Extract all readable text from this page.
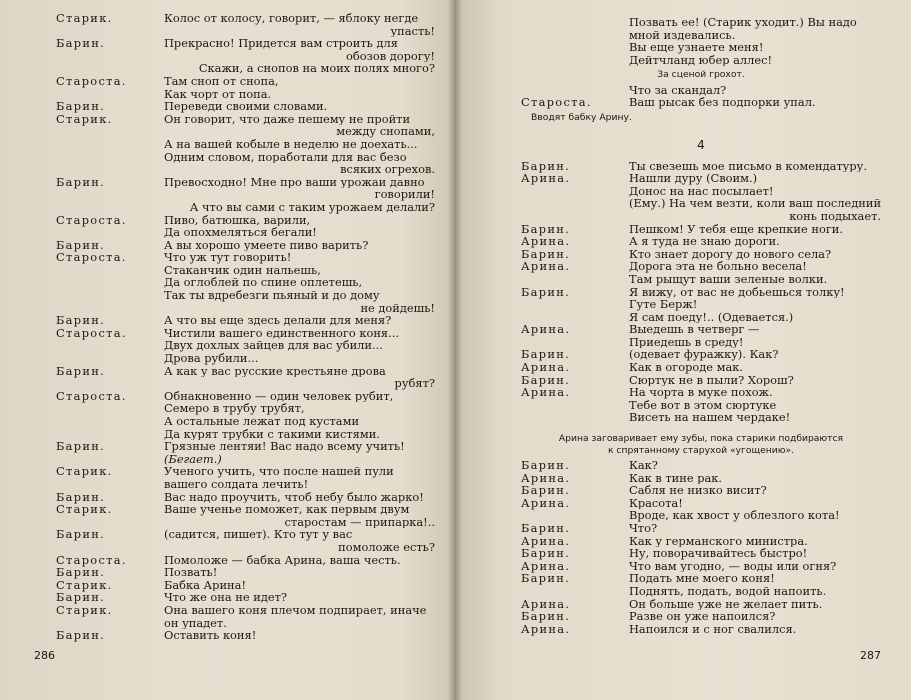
Старик.	Колос от колосу, говорит, — яблоку негде
упасть!
Барин.	Прекрасно! Придется вам строить для
обозов дорогу!
Скажи, а снопов на моих полях много?
Староста.	Там сноп от снопа,
Как чорт от попа.
Барин.	Переведи своими словами.
Старик.	Он говорит, что даже пешему не пройти
между снопами,
А на вашей кобыле в неделю не доехать...
Одним словом, поработали для вас безо
всяких огрехов.
Барин.	Превосходно! Мне про ваши урожаи давно
говорили!
А что вы сами с таким урожаем делали?
Староста.	Пиво, батюшка, варили,
Да опохмеляться бегали!
Барин.	А вы хорошо умеете пиво варить?
Староста.	Что уж тут говорить!
Стаканчик один нальешь,
Да оглоблей по спине оплетешь,
Так ты вдребезги пьяный и до дому
не дойдешь!
Барин.	А что вы еще здесь делали для меня?
Староста.	Чистили вашего единственного коня...
Двух дохлых зайцев для вас убили...
Дрова рубили...
Барин.	А как у вас русские крестьяне дрова
рубят?
Староста.	Обнакновенно — один человек рубит,
Семеро в трубу трубят,
А остальные лежат под кустами
Да курят трубки с такими кистями.
Барин.	Грязные лентяи! Вас надо всему учить!
(Бегает.)
Старик.	Ученого учить, что после нашей пули
вашего солдата лечить!
Барин.	Вас надо проучить, чтоб небу было жарко!
Старик.	Ваше ученье поможет, как первым двум
старостам — припарка!..
Барин.	(садится, пишет). Кто тут у вас
помоложе есть?
Староста.	Помоложе — бабка Арина, ваша честь.
Барин.	Позвать!
Старик.	Бабка Арина!
Барин.	Что же она не идет?
Старик.	Она вашего коня плечом подпирает, иначе
он упадет.
Барин.	Оставить коня!
286
Позвать ее! (Старик уходит.) Вы надо
мной издевались.
Вы еще узнаете меня!
Дейтчланд юбер аллес!
За сценой грохот.
Что за скандал?
Староста.	Ваш рысак без подпорки упал.
Вводят бабку Арину.
4
Барин.	Ты свезешь мое письмо в комендатуру.
Арина.	Нашли дуру (Своим.)
Донос на нас посылает!
(Ему.) На чем везти, коли ваш последний
конь подыхает.
Барин.	Пешком! У тебя еще крепкие ноги.
Арина.	А я туда не знаю дороги.
Барин.	Кто знает дорогу до нового села?
Арина.	Дорога эта не больно весела!
Там рыщут ваши зеленые волки.
Барин.	Я вижу, от вас не добьешься толку!
Гуте Берж!
Я сам поеду!.. (Одевается.)
Арина.	Выедешь в четверг —
Приедешь в среду!
Барин.	(одевает фуражку). Как?
Арина.	Как в огороде мак.
Барин.	Сюртук не в пыли? Хорош?
Арина.	На чорта в муке похож.
Тебе вот в этом сюртуке
Висеть на нашем чердаке!
Арина заговаривает ему зубы, пока старики подбираются
к спрятанному старухой «угощению».
Барин.	Как?
Арина.	Как в тине рак.
Барин.	Сабля не низко висит?
Арина.	Красота!
Вроде, как хвост у облезлого кота!
Барин.	Что?
Арина.	Как у германского министра.
Барин.	Ну, поворачивайтесь быстро!
Арина.	Что вам угодно, — воды или огня?
Барин.	Подать мне моего коня!
Поднять, подать, водой напоить.
Арина.	Он больше уже не желает пить.
Барин.	Разве он уже напоился?
Арина.	Напоился и с ног свалился.
287
